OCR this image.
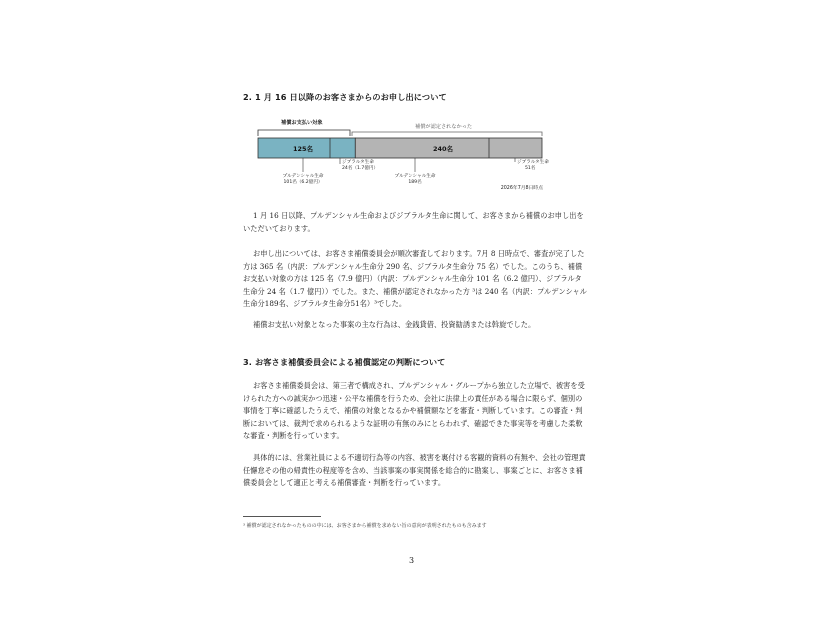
2. 1 月 16 日以降のお客さまからのお申し出について
補償お支払い対象
補償が認定されなかった
125名	240名
プルデンシャル生命
101名（6.2億円）
ジブラルタ生命
24名（1.7億円）
プルデンシャル生命
189名
ジブラルタ生命
51名
2026年7月8日時点
1 月 16 日以降、プルデンシャル生命およびジブラルタ生命に関して、お客さまから補償のお申し出をいただいております。
お申し出については、お客さま補償委員会が順次審査しております。7月 8 日時点で、審査が完了した方は 365 名（内訳：プルデンシャル生命分 290 名、ジブラルタ生命分 75 名）でした。このうち、補償お支払い対象の方は 125 名（7.9 億円）（内訳：プルデンシャル生命分 101 名（6.2 億円）、ジブラルタ生命分 24 名（1.7 億円））でした。また、補償が認定されなかった方 ³は 240 名（内訳：プルデンシャル生命分189名、ジブラルタ生命分51名）³でした。
補償お支払い対象となった事案の主な行為は、金銭貸借、投資勧誘または斡旋でした。
3. お客さま補償委員会による補償認定の判断について
お客さま補償委員会は、第三者で構成され、プルデンシャル・グループから独立した立場で、被害を受けられた方への誠実かつ迅速・公平な補償を行うため、会社に法律上の責任がある場合に限らず、個別の事情を丁寧に確認したうえで、補償の対象となるかや補償額などを審査・判断しています。この審査・判断においては、裁判で求められるような証明の有無のみにとらわれず、確認できた事実等を考慮した柔軟な審査・判断を行っています。
具体的には、営業社員による不適切行為等の内容、被害を裏付ける客観的資料の有無や、会社の管理責任懈怠その他の帰責性の程度等を含め、当該事案の事実関係を総合的に勘案し、事案ごとに、お客さま補償委員会として適正と考える補償審査・判断を行っています。
³ 補償が認定されなかったものの中には、お客さまから補償を求めない旨の意向が表明されたものも含みます
3
